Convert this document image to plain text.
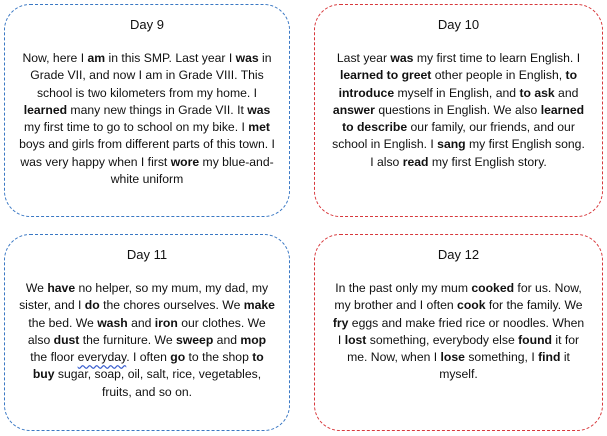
Day 9
Now, here I am in this SMP. Last year I was in Grade VII, and now I am in Grade VIII. This school is two kilometers from my home. I learned many new things in Grade VII. It was my first time to go to school on my bike. I met boys and girls from different parts of this town. I was very happy when I first wore my blue-and-white uniform
Day 10
Last year was my first time to learn English. I learned to greet other people in English, to introduce myself in English, and to ask and answer questions in English. We also learned to describe our family, our friends, and our school in English. I sang my first English song. I also read my first English story.
Day 11
We have no helper, so my mum, my dad, my sister, and I do the chores ourselves. We make the bed. We wash and iron our clothes. We also dust the furniture. We sweep and mop the floor everyday. I often go to the shop to buy sugar, soap, oil, salt, rice, vegetables, fruits, and so on.
Day 12
In the past only my mum cooked for us. Now, my brother and I often cook for the family. We fry eggs and make fried rice or noodles. When I lost something, everybody else found it for me. Now, when I lose something, I find it myself.
